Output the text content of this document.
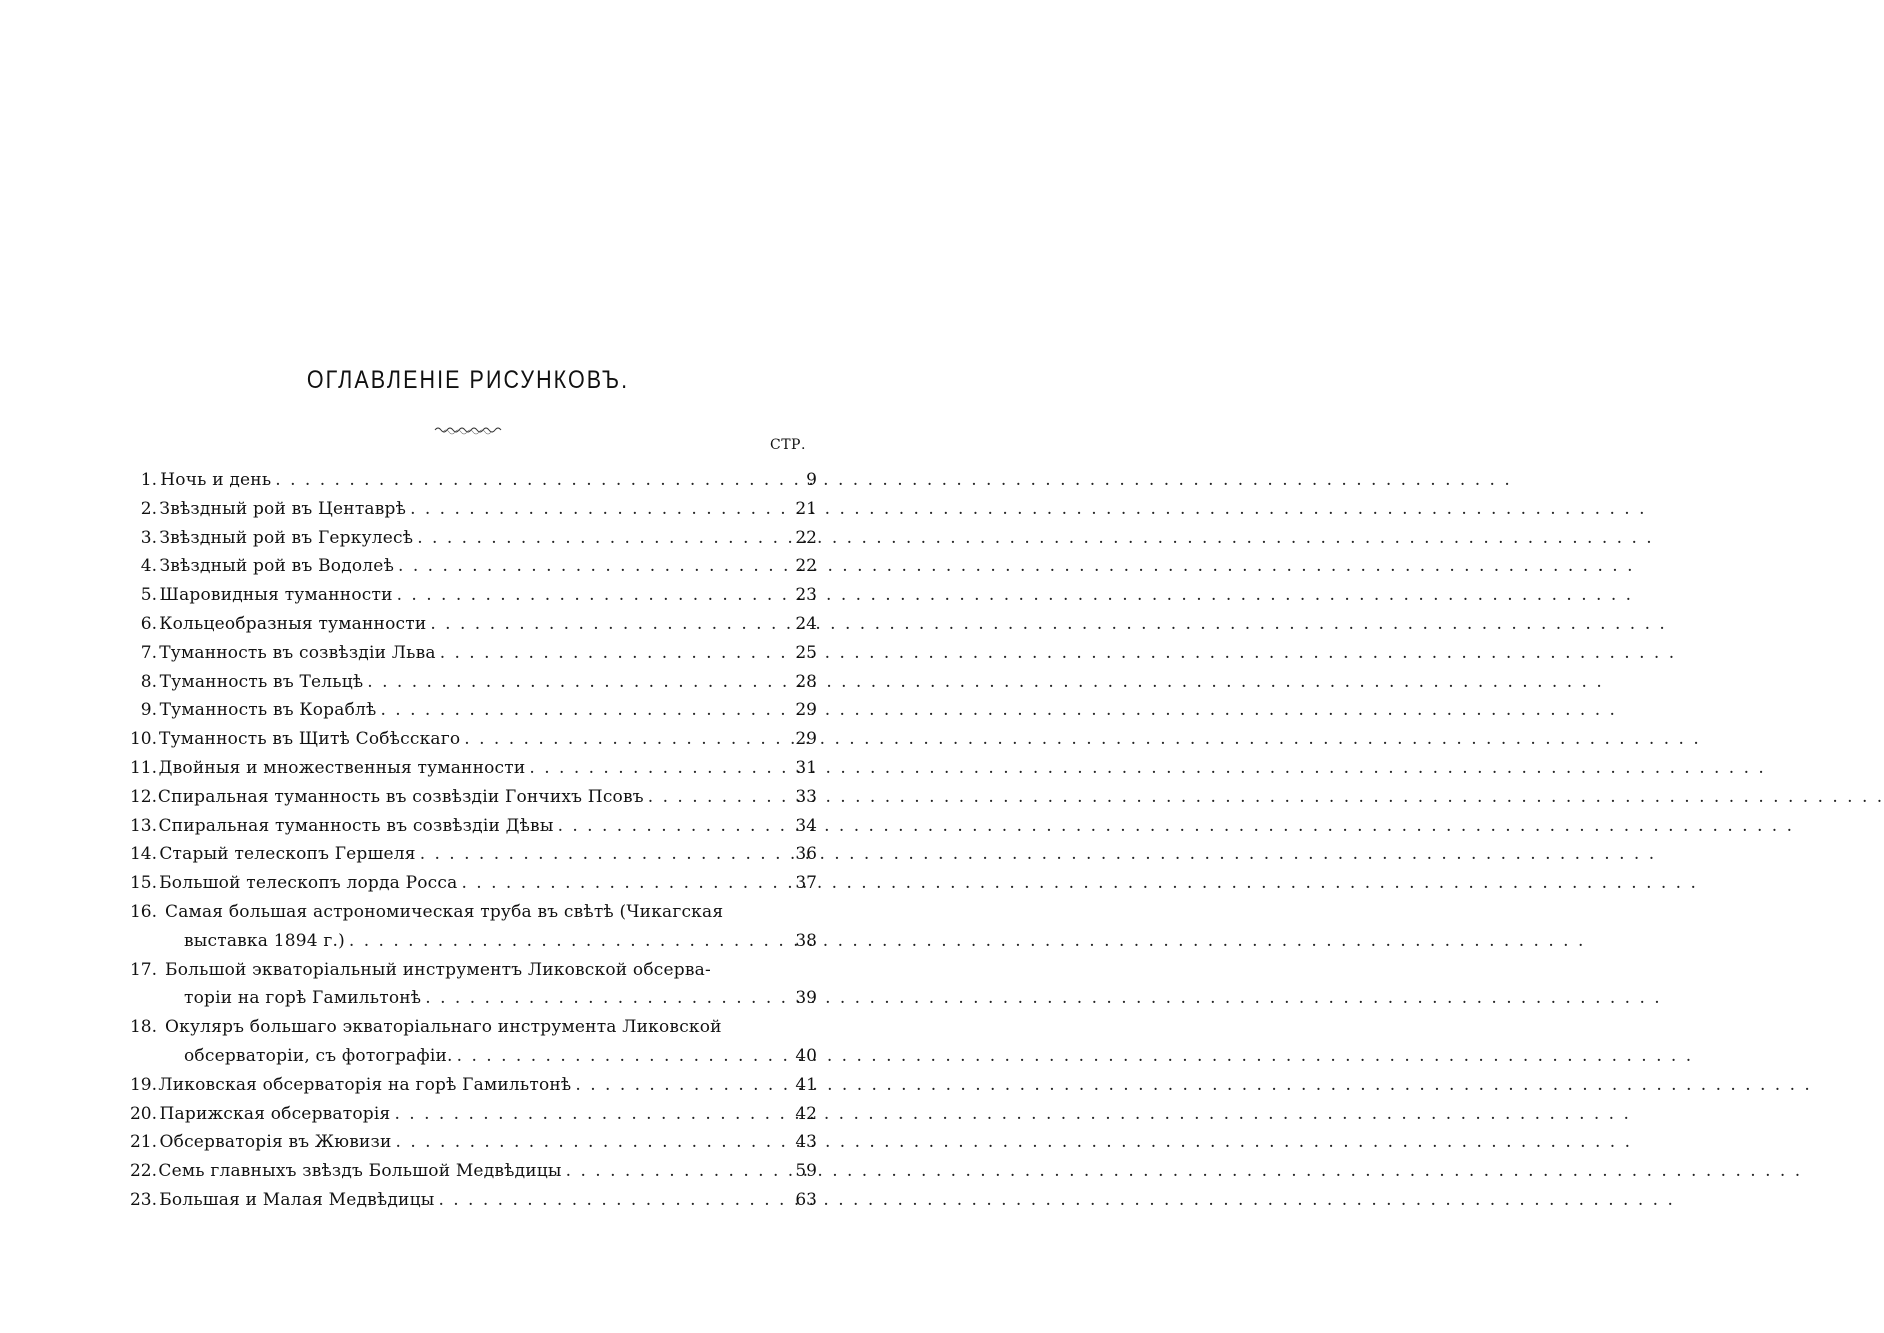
ОГЛАВЛЕНІЕ РИСУНКОВЪ.
СТР.
1. Ночь и день . . .	9
2. Звѣздный рой въ Центаврѣ . . .	21
3. Звѣздный рой въ Геркулесѣ . . .	22
4. Звѣздный рой въ Водолеѣ . . .	22
5. Шаровидныя туманности . . .	23
6. Кольцеобразныя туманности . . .	24
7. Туманность въ созвѣздіи Льва . . .	25
8. Туманность въ Тельцѣ . . .	28
9. Туманность въ Кораблѣ . . .	29
10. Туманность въ Щитѣ Собѣсскаго . . .	29
11. Двойныя и множественныя туманности . . .	31
12. Спиральная туманность въ созвѣздіи Гончихъ Псовъ . . .	33
13. Спиральная туманность въ созвѣздіи Дѣвы . . .	34
14. Старый телескопъ Гершеля . . .	36
15. Большой телескопъ лорда Росса . . .	37
16. Самая большая астрономическая труба въ свѣтѣ (Чикагская
выставка 1894 г.) . . .	38
17. Большой экваторіальный инструментъ Ликовской обсерва-
торіи на горѣ Гамильтонѣ . . .	39
18. Окуляръ большаго экваторіальнаго инструмента Ликовской
обсерваторіи, съ фотографіи. . . .	40
19. Ликовская обсерваторія на горѣ Гамильтонѣ . . .	41
20. Парижская обсерваторія . . .	42
21. Обсерваторія въ Жювизи . . .	43
22. Семь главныхъ звѣздъ Большой Медвѣдицы . . .	59
23. Большая и Малая Медвѣдицы . . .	63
